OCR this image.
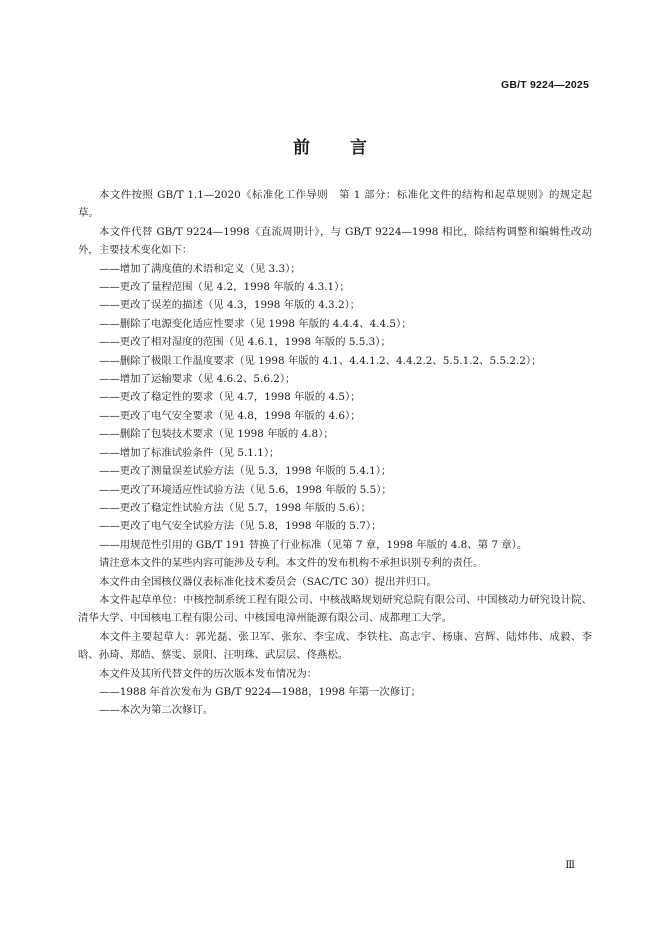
GB/T 9224—2025
前 言

本文件按照 GB/T 1.1—2020《标准化工作导则　第 1 部分：标准化文件的结构和起草规则》的规定起草。

本文件代替 GB/T 9224—1998《直流周期计》，与 GB/T 9224—1998 相比，除结构调整和编辑性改动外，主要技术变化如下：

——增加了满度值的术语和定义（见 3.3）；

——更改了量程范围（见 4.2，1998 年版的 4.3.1）；

——更改了误差的描述（见 4.3，1998 年版的 4.3.2）；

——删除了电源变化适应性要求（见 1998 年版的 4.4.4、4.4.5）；

——更改了相对湿度的范围（见 4.6.1，1998 年版的 5.5.3）；

——删除了极限工作温度要求（见 1998 年版的 4.1、4.4.1.2、4.4.2.2、5.5.1.2、5.5.2.2）；

——增加了运输要求（见 4.6.2、5.6.2）；

——更改了稳定性的要求（见 4.7，1998 年版的 4.5）；

——更改了电气安全要求（见 4.8，1998 年版的 4.6）；

——删除了包装技术要求（见 1998 年版的 4.8）；

——增加了标准试验条件（见 5.1.1）；

——更改了测量误差试验方法（见 5.3，1998 年版的 5.4.1）；

——更改了环境适应性试验方法（见 5.6，1998 年版的 5.5）；

——更改了稳定性试验方法（见 5.7，1998 年版的 5.6）；

——更改了电气安全试验方法（见 5.8，1998 年版的 5.7）；

——用规范性引用的 GB/T 191 替换了行业标准（见第 7 章，1998 年版的 4.8、第 7 章）。

请注意本文件的某些内容可能涉及专利。本文件的发布机构不承担识别专利的责任。

本文件由全国核仪器仪表标准化技术委员会（SAC/TC 30）提出并归口。

本文件起草单位：中核控制系统工程有限公司、中核战略规划研究总院有限公司、中国核动力研究设计院、清华大学、中国核电工程有限公司、中核国电漳州能源有限公司、成都理工大学。

本文件主要起草人：郭光磊、张卫军、张东、李宝成、李铁柱、高志宇、杨康、宫辉、陆炜伟、成毅、李晗、孙琦、郑皓、蔡雯、景阳、汪明珠、武层层、佟燕松。

本文件及其所代替文件的历次版本发布情况为：

——1988 年首次发布为 GB/T 9224—1988，1998 年第一次修订；

——本次为第二次修订。

Ⅲ
